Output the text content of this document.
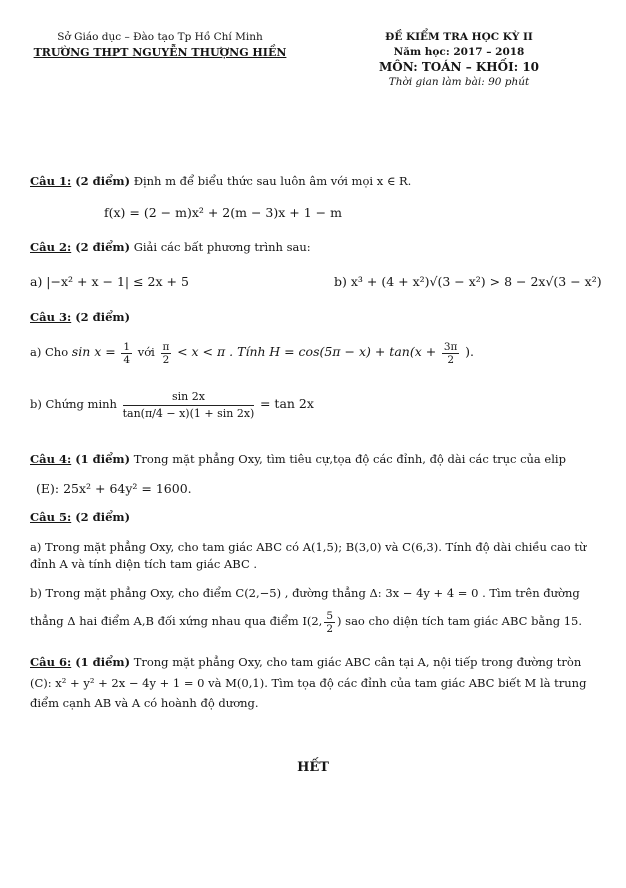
Sở Giáo dục – Đào tạo Tp Hồ Chí Minh
TRƯỜNG THPT NGUYỄN THƯỢNG HIỀN
ĐỀ KIỂM TRA HỌC KỲ II
Năm học: 2017 – 2018
MÔN: TOÁN – KHỐI: 10
Thời gian làm bài: 90 phút
Câu 1: (2 điểm) Định m để biểu thức sau luôn âm với mọi x ∈ R.
f(x) = (2 − m)x² + 2(m − 3)x + 1 − m
Câu 2: (2 điểm) Giải các bất phương trình sau:
a) |−x² + x − 1| ≤ 2x + 5	b) x³ + (4 + x²)√(3 − x²) > 8 − 2x√(3 − x²)
Câu 3: (2 điểm)
a) Cho $\sin x = \frac{1}{4}$ với $\frac{\pi}{2} < x < \pi$ . Tính $H = \cos(5\pi - x) + \tan(x + \frac{3\pi}{2}$ ).
b) Chứng minh $\frac{\sin 2x}{\tan(\pi/4 - x)(1 + \sin 2x)} = \tan 2x$
Câu 4: (1 điểm) Trong mặt phẳng Oxy, tìm tiêu cự,tọa độ các đỉnh, độ dài các trục của elip
(E): 25x² + 64y² = 1600.
Câu 5: (2 điểm)
a) Trong mặt phẳng Oxy, cho tam giác ABC có A(1,5); B(3,0) và C(6,3). Tính độ dài chiều cao từ
đỉnh A và tính diện tích tam giác ABC .
b) Trong mặt phẳng Oxy, cho điểm C(2,−5) , đường thẳng Δ: 3x − 4y + 4 = 0 . Tìm trên đường
thẳng Δ hai điểm A,B đối xứng nhau qua điểm I(2, $\frac{5}{2}$ ) sao cho diện tích tam giác ABC bằng 15.
Câu 6: (1 điểm) Trong mặt phẳng Oxy, cho tam giác ABC cân tại A, nội tiếp trong đường tròn
(C): x² + y² + 2x − 4y + 1 = 0 và M(0,1). Tìm tọa độ các đỉnh của tam giác ABC biết M là trung
điểm cạnh AB và A có hoành độ dương.
HẾT
